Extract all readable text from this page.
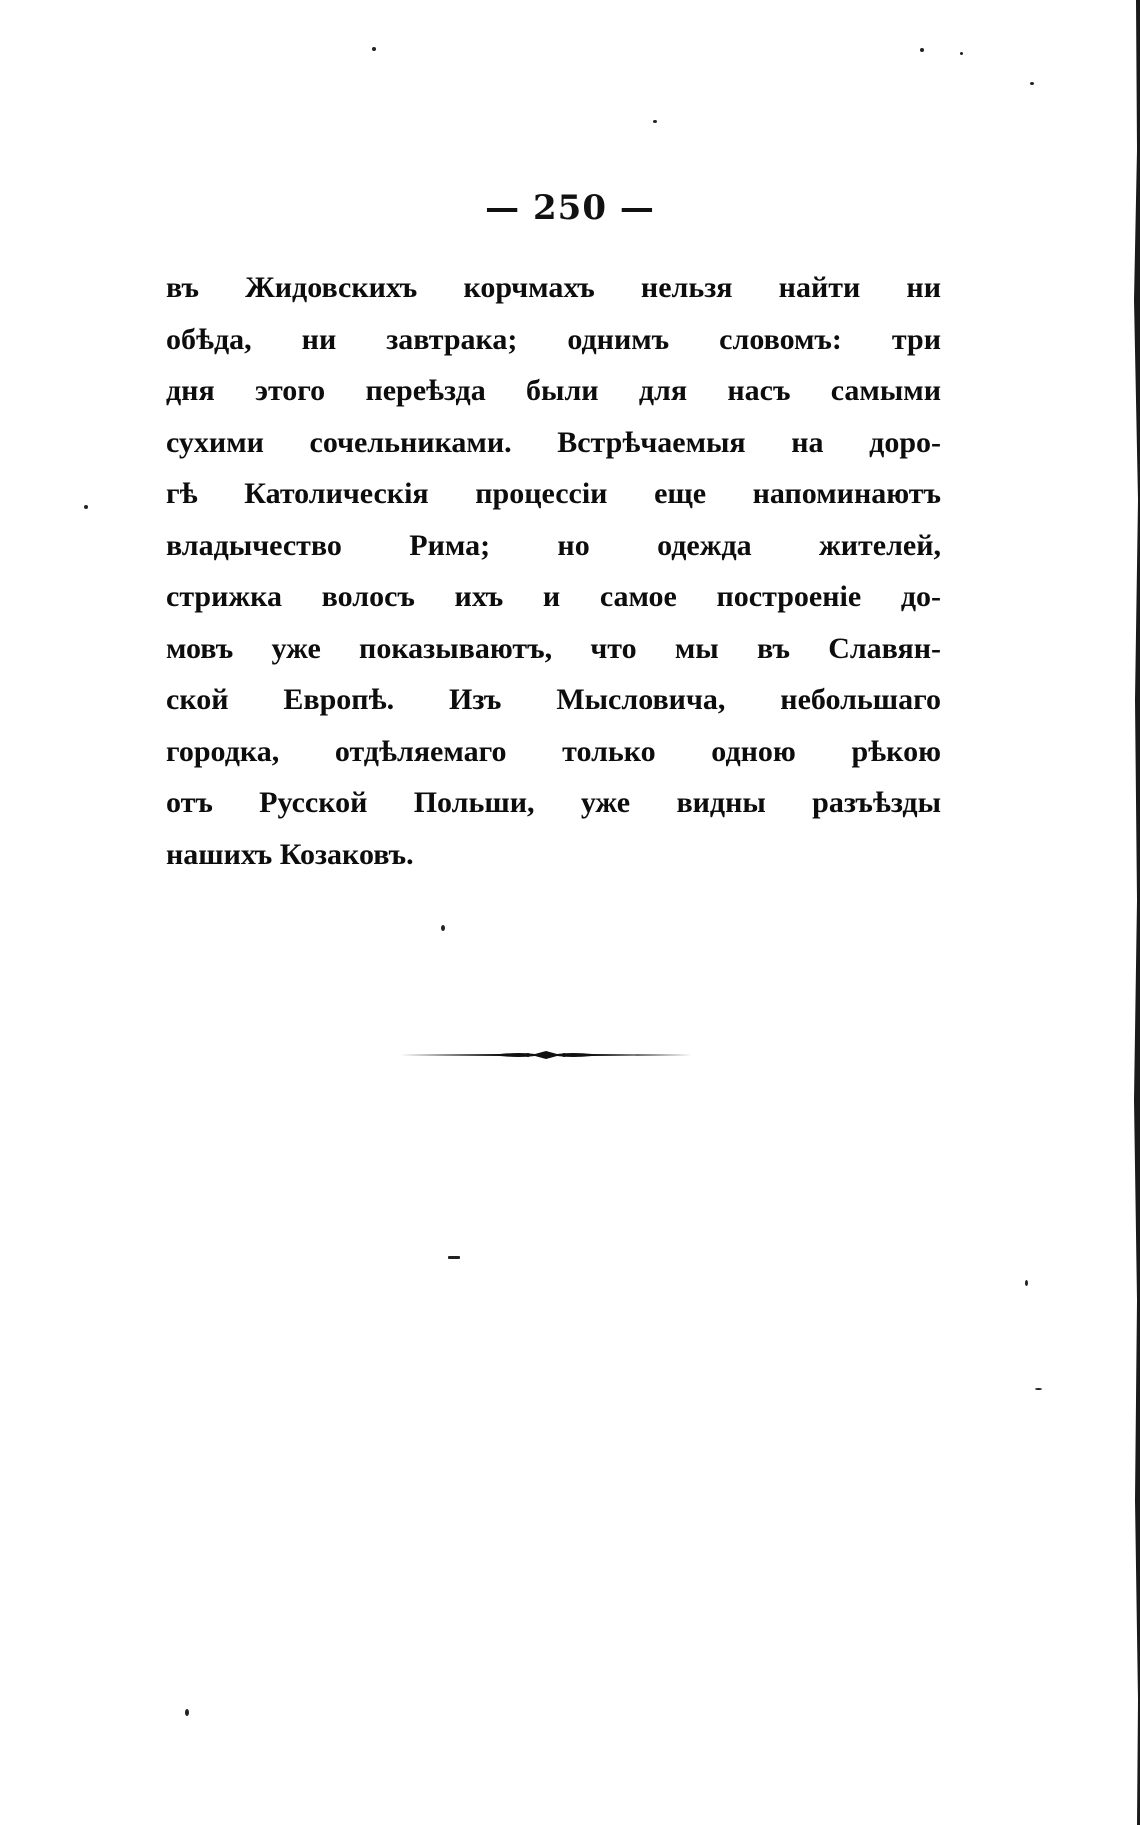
— 250 —
въ Жидовскихъ корчмахъ нельзя найти ни
обѣда, ни завтрака; однимъ словомъ: три
дня этого переѣзда были для насъ самыми
сухими сочельниками. Встрѣчаемыя на доро-
гѣ Католическія процессіи еще напоминаютъ
владычество Рима; но одежда жителей,
стрижка волосъ ихъ и самое построеніе до-
мовъ уже показываютъ, что мы въ Славян-
ской Европѣ. Изъ Мысловича, небольшаго
городка, отдѣляемаго только одною рѣкою
отъ Русской Польши, уже видны разъѣзды
нашихъ Козаковъ.
